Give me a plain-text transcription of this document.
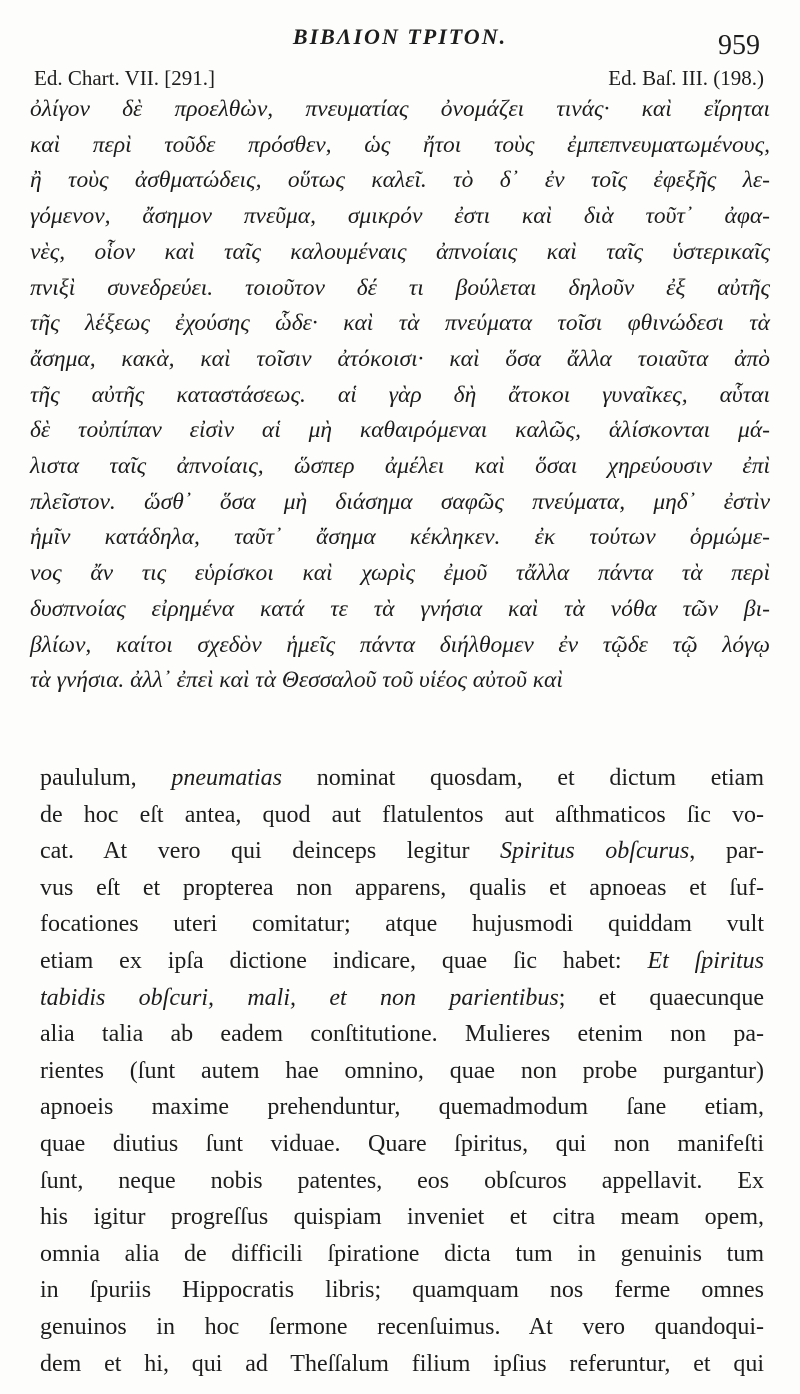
ΒΙΒΛΙΟΝ ΤΡΙΤΟΝ.	959
Ed. Chart. VII. [291.]	Ed. Baſ. III. (198.)
ὀλίγον δὲ προελθὼν, πνευματίας ὀνομάζει τινάς· καὶ εἴρηται
καὶ περὶ τοῦδε πρόσθεν, ὡς ἤτοι τοὺς ἐμπεπνευματωμένους,
ἢ τοὺς ἀσθματώδεις, οὕτως καλεῖ. τὸ δ᾿ ἐν τοῖς ἐφεξῆς λε-
γόμενον, ἄσημον πνεῦμα, σμικρόν ἐστι καὶ διὰ τοῦτ᾿ ἀφα-
νὲς, οἷον καὶ ταῖς καλουμέναις ἀπνοίαις καὶ ταῖς ὑστερικαῖς
πνιξὶ συνεδρεύει. τοιοῦτον δέ τι βούλεται δηλοῦν ἐξ αὐτῆς
τῆς λέξεως ἐχούσης ὧδε· καὶ τὰ πνεύματα τοῖσι φθινώδεσι τὰ
ἄσημα, κακὰ, καὶ τοῖσιν ἀτόκοισι· καὶ ὅσα ἄλλα τοιαῦτα ἀπὸ
τῆς αὐτῆς καταστάσεως. αἱ γὰρ δὴ ἄτοκοι γυναῖκες, αὗται
δὲ τοὐπίπαν εἰσὶν αἱ μὴ καθαιρόμεναι καλῶς, ἁλίσκονται μά-
λιστα ταῖς ἀπνοίαις, ὥσπερ ἀμέλει καὶ ὅσαι χηρεύουσιν ἐπὶ
πλεῖστον. ὥσθ᾿ ὅσα μὴ διάσημα σαφῶς πνεύματα, μηδ᾿ ἐστὶν
ἡμῖν κατάδηλα, ταῦτ᾿ ἄσημα κέκληκεν. ἐκ τούτων ὁρμώμε-
νος ἄν τις εὑρίσκοι καὶ χωρὶς ἐμοῦ τἄλλα πάντα τὰ περὶ
δυσπνοίας εἰρημένα κατά τε τὰ γνήσια καὶ τὰ νόθα τῶν βι-
βλίων, καίτοι σχεδὸν ἡμεῖς πάντα διήλθομεν ἐν τῷδε τῷ λόγῳ
τὰ γνήσια. ἀλλ᾿ ἐπεὶ καὶ τὰ Θεσσαλοῦ τοῦ υἱέος αὐτοῦ καὶ
paululum, pneumatias nominat quosdam, et dictum etiam
de hoc eſt antea, quod aut flatulentos aut aſthmaticos ſic vo-
cat. At vero qui deinceps legitur Spiritus obſcurus, par-
vus eſt et propterea non apparens, qualis et apnoeas et ſuf-
focationes uteri comitatur; atque hujusmodi quiddam vult
etiam ex ipſa dictione indicare, quae ſic habet: Et ſpiritus
tabidis obſcuri, mali, et non parientibus; et quaecunque
alia talia ab eadem conſtitutione. Mulieres etenim non pa-
rientes (ſunt autem hae omnino, quae non probe purgantur)
apnoeis maxime prehenduntur, quemadmodum ſane etiam,
quae diutius ſunt viduae. Quare ſpiritus, qui non manifeſti
ſunt, neque nobis patentes, eos obſcuros appellavit. Ex
his igitur progreſſus quispiam inveniet et citra meam opem,
omnia alia de difficili ſpiratione dicta tum in genuinis tum
in ſpuriis Hippocratis libris; quamquam nos ferme omnes
genuinos in hoc ſermone recenſuimus. At vero quandoqui-
dem et hi, qui ad Theſſalum filium ipſius referuntur, et qui
